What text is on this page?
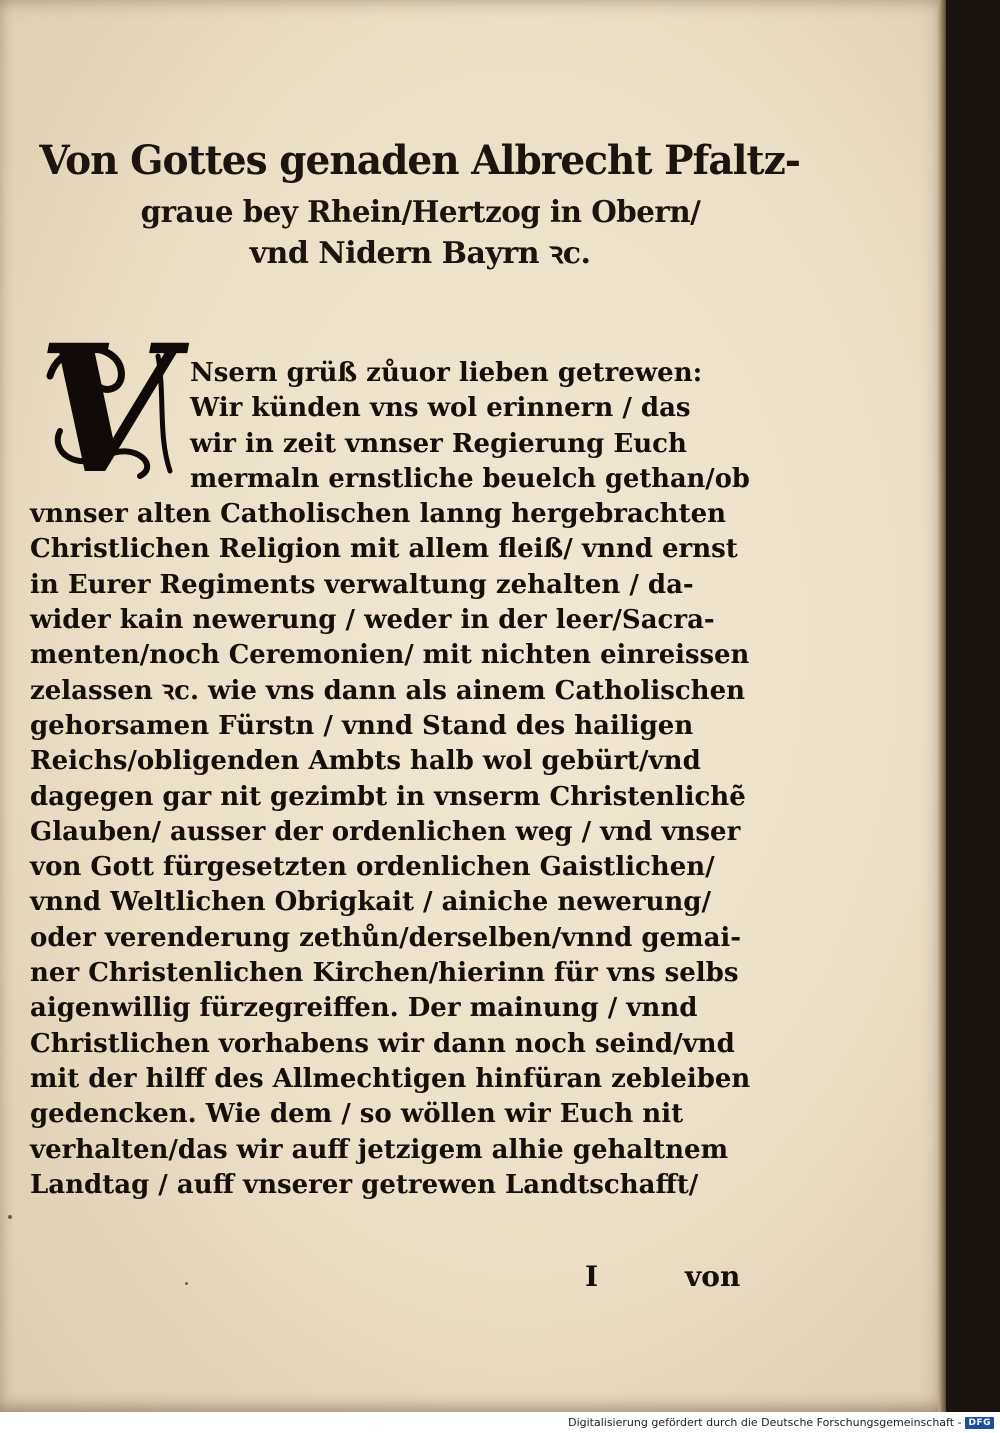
Von Gottes genaden Albrecht Pfaltz-
graue bey Rhein/Hertzog in Obern/
vnd Nidern Bayrn ꝛc.
V Nsern grüß zůuor lieben getrewen:
Wir künden vns wol erinnern / das
wir in zeit vnnser Regierung Euch
mermaln ernstliche beuelch gethan/ob
vnnser alten Catholischen lanng hergebrachten
Christlichen Religion mit allem fleiß/ vnnd ernst
in Eurer Regiments verwaltung zehalten / da-
wider kain newerung / weder in der leer/Sacra-
menten/noch Ceremonien/ mit nichten einreissen
zelassen ꝛc. wie vns dann als ainem Catholischen
gehorsamen Fürstn / vnnd Stand des hailigen
Reichs/obligenden Ambts halb wol gebürt/vnd
dagegen gar nit gezimbt in vnserm Christenlichẽ
Glauben/ ausser der ordenlichen weg / vnd vnser
von Gott fürgesetzten ordenlichen Gaistlichen/
vnnd Weltlichen Obrigkait / ainiche newerung/
oder verenderung zethůn/derselben/vnnd gemai-
ner Christenlichen Kirchen/hierinn für vns selbs
aigenwillig fürzegreiffen. Der mainung / vnnd
Christlichen vorhabens wir dann noch seind/vnd
mit der hilff des Allmechtigen hinfüran zebleiben
gedencken. Wie dem / so wöllen wir Euch nit
verhalten/das wir auff jetzigem alhie gehaltnem
Landtag / auff vnserer getrewen Landtschafft/
I	von
Digitalisierung gefördert durch die Deutsche Forschungsgemeinschaft - DFG
